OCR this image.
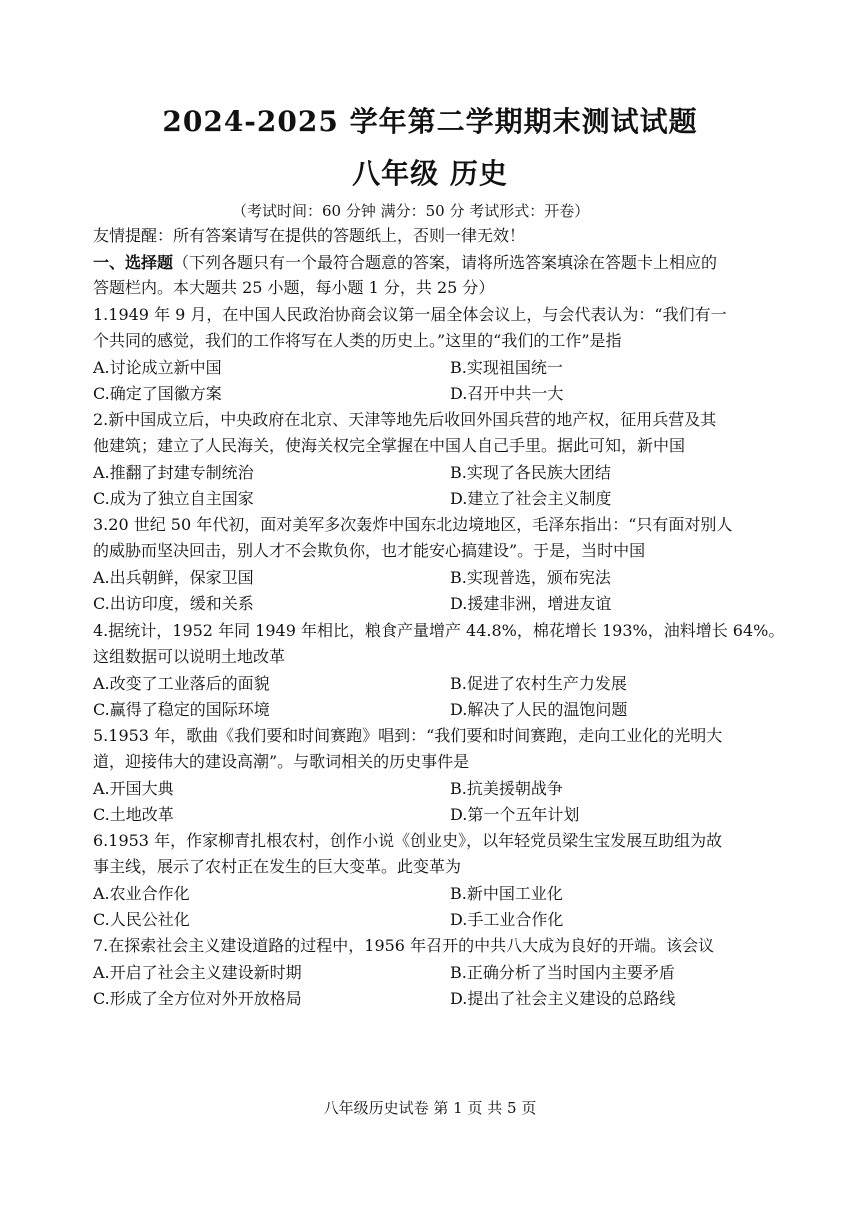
2024-2025 学年第二学期期末测试试题
八年级 历史
（考试时间：60 分钟 满分：50 分 考试形式：开卷）
友情提醒：所有答案请写在提供的答题纸上，否则一律无效！
一、选择题（下列各题只有一个最符合题意的答案，请将所选答案填涂在答题卡上相应的
答题栏内。本大题共 25 小题，每小题 1 分，共 25 分）
1.1949 年 9 月，在中国人民政治协商会议第一届全体会议上，与会代表认为：“我们有一
个共同的感觉，我们的工作将写在人类的历史上。”这里的“我们的工作”是指
A.讨论成立新中国	B.实现祖国统一
C.确定了国徽方案	D.召开中共一大
2.新中国成立后，中央政府在北京、天津等地先后收回外国兵营的地产权，征用兵营及其
他建筑；建立了人民海关，使海关权完全掌握在中国人自己手里。据此可知，新中国
A.推翻了封建专制统治	B.实现了各民族大团结
C.成为了独立自主国家	D.建立了社会主义制度
3.20 世纪 50 年代初，面对美军多次轰炸中国东北边境地区，毛泽东指出：“只有面对别人
的威胁而坚决回击，别人才不会欺负你，也才能安心搞建设”。于是，当时中国
A.出兵朝鲜，保家卫国	B.实现普选，颁布宪法
C.出访印度，缓和关系	D.援建非洲，增进友谊
4.据统计，1952 年同 1949 年相比，粮食产量增产 44.8%，棉花增长 193%，油料增长 64%。
这组数据可以说明土地改革
A.改变了工业落后的面貌	B.促进了农村生产力发展
C.赢得了稳定的国际环境	D.解决了人民的温饱问题
5.1953 年，歌曲《我们要和时间赛跑》唱到：“我们要和时间赛跑，走向工业化的光明大
道，迎接伟大的建设高潮”。与歌词相关的历史事件是
A.开国大典	B.抗美援朝战争
C.土地改革	D.第一个五年计划
6.1953 年，作家柳青扎根农村，创作小说《创业史》，以年轻党员梁生宝发展互助组为故
事主线，展示了农村正在发生的巨大变革。此变革为
A.农业合作化	B.新中国工业化
C.人民公社化	D.手工业合作化
7.在探索社会主义建设道路的过程中，1956 年召开的中共八大成为良好的开端。该会议
A.开启了社会主义建设新时期	B.正确分析了当时国内主要矛盾
C.形成了全方位对外开放格局	D.提出了社会主义建设的总路线
八年级历史试卷 第 1 页 共 5 页
